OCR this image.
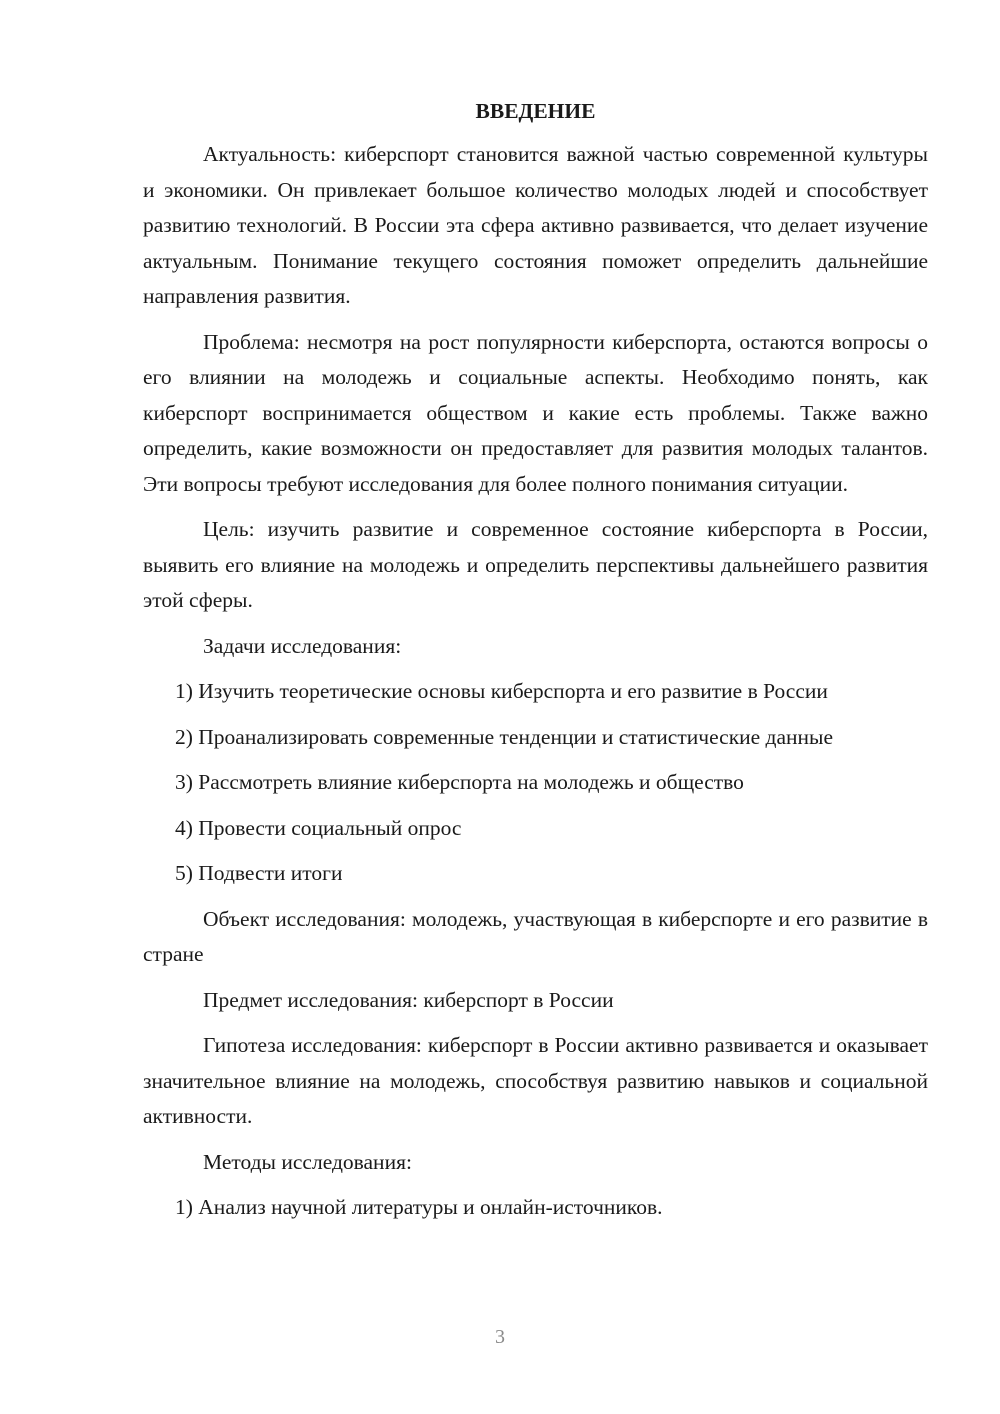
ВВЕДЕНИЕ

Актуальность: киберспорт становится важной частью современной культуры и экономики. Он привлекает большое количество молодых людей и способствует развитию технологий. В России эта сфера активно развивается, что делает изучение актуальным. Понимание текущего состояния поможет определить дальнейшие направления развития.

Проблема: несмотря на рост популярности киберспорта, остаются вопросы о его влиянии на молодежь и социальные аспекты. Необходимо понять, как киберспорт воспринимается обществом и какие есть проблемы. Также важно определить, какие возможности он предоставляет для развития молодых талантов. Эти вопросы требуют исследования для более полного понимания ситуации.

Цель: изучить развитие и современное состояние киберспорта в России, выявить его влияние на молодежь и определить перспективы дальнейшего развития этой сферы.

Задачи исследования:

1) Изучить теоретические основы киберспорта и его развитие в России

2) Проанализировать современные тенденции и статистические данные

3) Рассмотреть влияние киберспорта на молодежь и общество

4) Провести социальный опрос

5) Подвести итоги

Объект исследования: молодежь, участвующая в киберспорте и его развитие в стране

Предмет исследования: киберспорт в России

Гипотеза исследования: киберспорт в России активно развивается и оказывает значительное влияние на молодежь, способствуя развитию навыков и социальной активности.

Методы исследования:

1) Анализ научной литературы и онлайн-источников.

3
